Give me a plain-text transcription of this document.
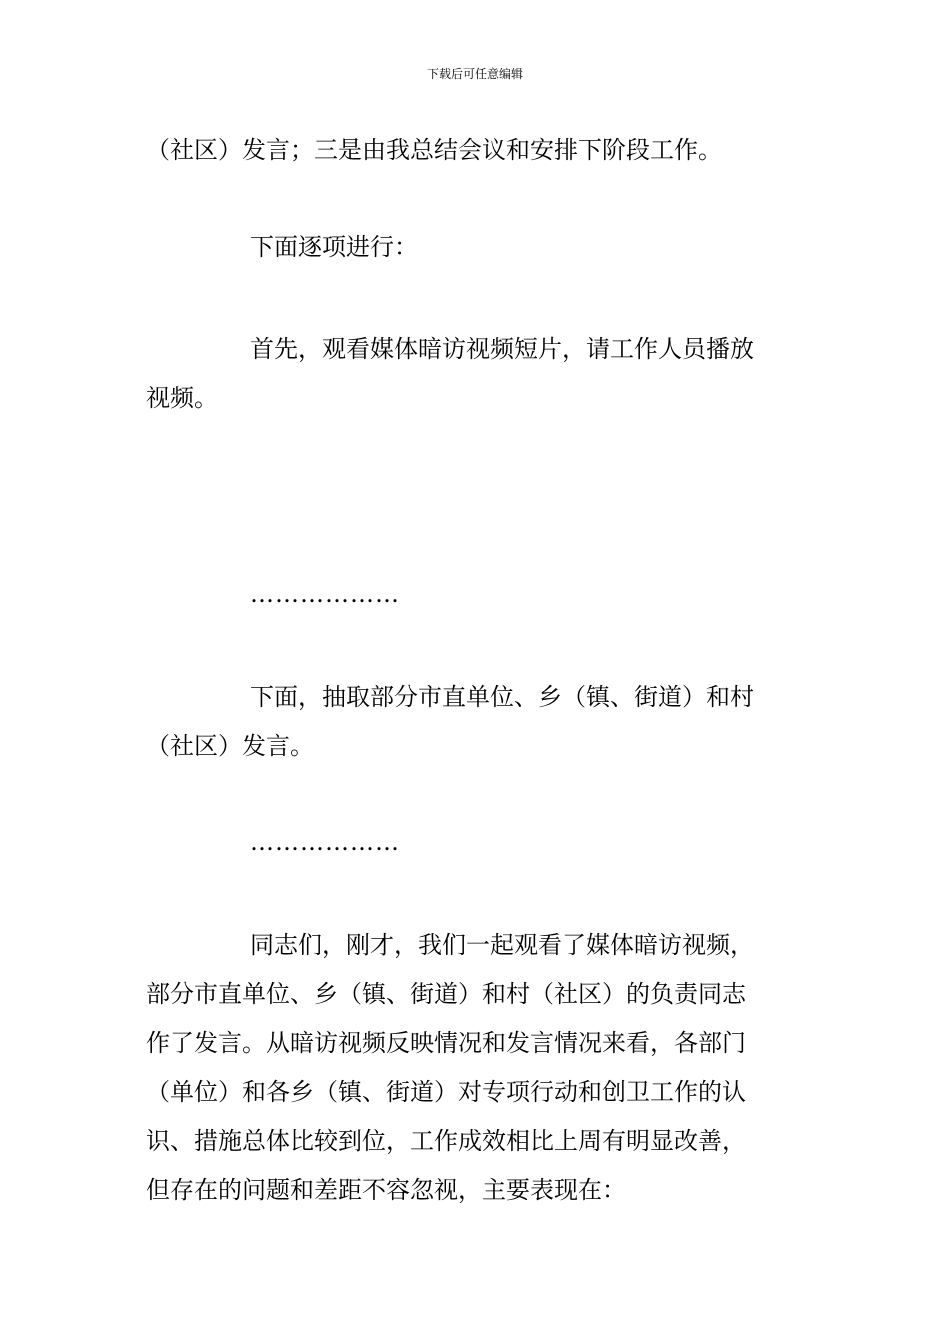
下载后可任意编辑
（社区）发言；三是由我总结会议和安排下阶段工作。
下面逐项进行：
首先，观看媒体暗访视频短片，请工作人员播放
视频。
………………
下面，抽取部分市直单位、乡（镇、街道）和村
（社区）发言。
………………
同志们，刚才，我们一起观看了媒体暗访视频，
部分市直单位、乡（镇、街道）和村（社区）的负责同志
作了发言。从暗访视频反映情况和发言情况来看，各部门
（单位）和各乡（镇、街道）对专项行动和创卫工作的认
识、措施总体比较到位，工作成效相比上周有明显改善，
但存在的问题和差距不容忽视，主要表现在：
